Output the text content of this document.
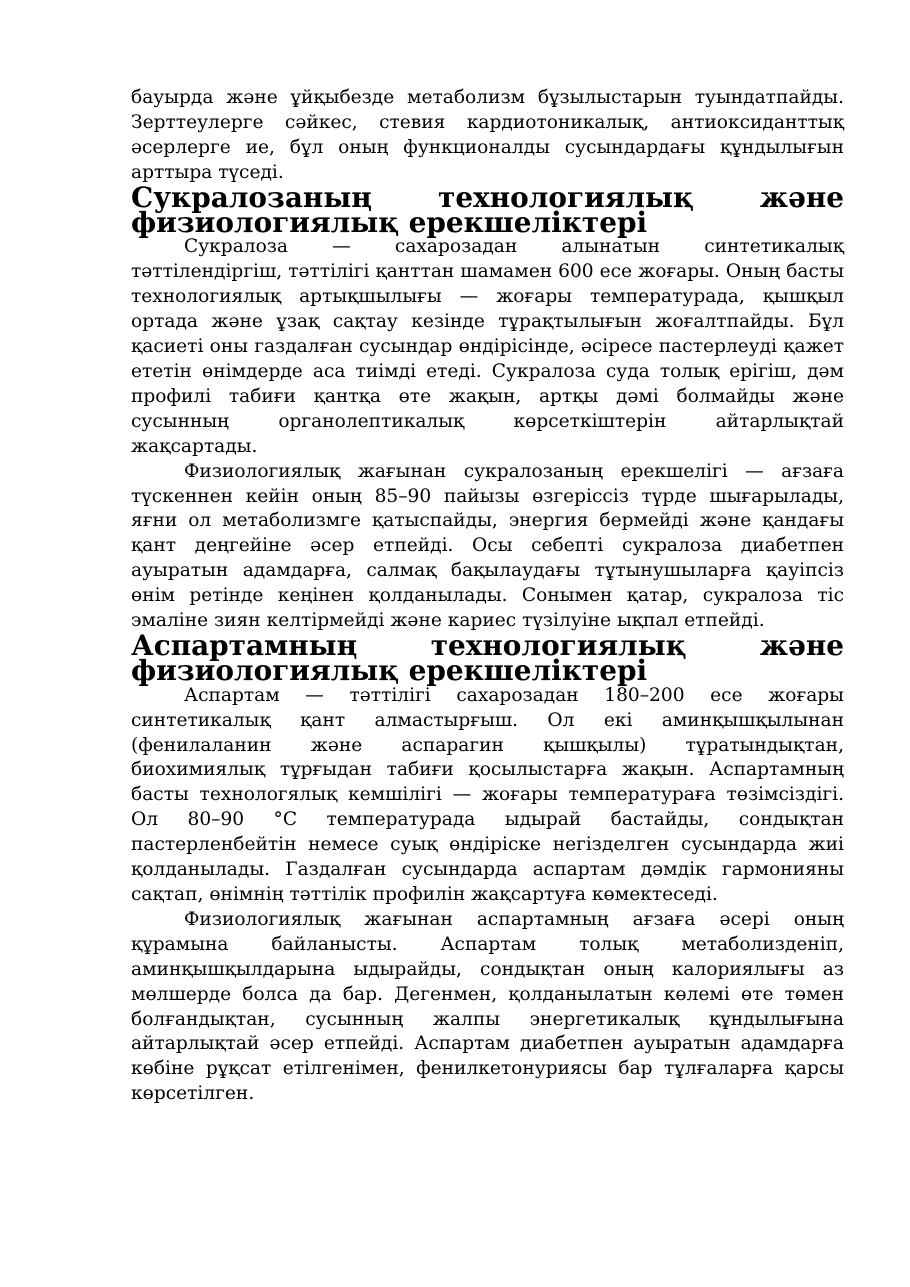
бауырда және ұйқыбезде метаболизм бұзылыстарын туындатпайды. Зерттеулерге сәйкес, стевия кардиотоникалық, антиоксиданттық әсерлерге ие, бұл оның функционалды сусындардағы құндылығын арттыра түседі.

Сукралозаның технологиялық және физиологиялық ерекшеліктері

Сукралоза — сахарозадан алынатын синтетикалық тәттілендіргіш, тәттілігі қанттан шамамен 600 есе жоғары. Оның басты технологиялық артықшылығы — жоғары температурада, қышқыл ортада және ұзақ сақтау кезінде тұрақтылығын жоғалтпайды. Бұл қасиеті оны газдалған сусындар өндірісінде, әсіресе пастерлеуді қажет ететін өнімдерде аса тиімді етеді. Сукралоза суда толық ерігіш, дәм профилі табиғи қантқа өте жақын, артқы дәмі болмайды және сусынның органолептикалық көрсеткіштерін айтарлықтай жақсартады.

Физиологиялық жағынан сукралозаның ерекшелігі — ағзаға түскеннен кейін оның 85–90 пайызы өзгеріссіз түрде шығарылады, яғни ол метаболизмге қатыспайды, энергия бермейді және қандағы қант деңгейіне әсер етпейді. Осы себепті сукралоза диабетпен ауыратын адамдарға, салмақ бақылаудағы тұтынушыларға қауіпсіз өнім ретінде кеңінен қолданылады. Сонымен қатар, сукралоза тіс эмаліне зиян келтірмейді және кариес түзілуіне ықпал етпейді.

Аспартамның технологиялық және физиологиялық ерекшеліктері

Аспартам — тәттілігі сахарозадан 180–200 есе жоғары синтетикалық қант алмастырғыш. Ол екі аминқышқылынан (фенилаланин және аспарагин қышқылы) тұратындықтан, биохимиялық тұрғыдан табиғи қосылыстарға жақын. Аспартамның басты технологялық кемшілігі — жоғары температураға төзімсіздігі. Ол 80–90 °С температурада ыдырай бастайды, сондықтан пастерленбейтін немесе суық өндіріске негізделген сусындарда жиі қолданылады. Газдалған сусындарда аспартам дәмдік гармонияны сақтап, өнімнің тәттілік профилін жақсартуға көмектеседі.

Физиологиялық жағынан аспартамның ағзаға әсері оның құрамына байланысты. Аспартам толық метаболизденіп, аминқышқылдарына ыдырайды, сондықтан оның калориялығы аз мөлшерде болса да бар. Дегенмен, қолданылатын көлемі өте төмен болғандықтан, сусынның жалпы энергетикалық құндылығына айтарлықтай әсер етпейді. Аспартам диабетпен ауыратын адамдарға көбіне рұқсат етілгенімен, фенилкетонуриясы бар тұлғаларға қарсы көрсетілген.
